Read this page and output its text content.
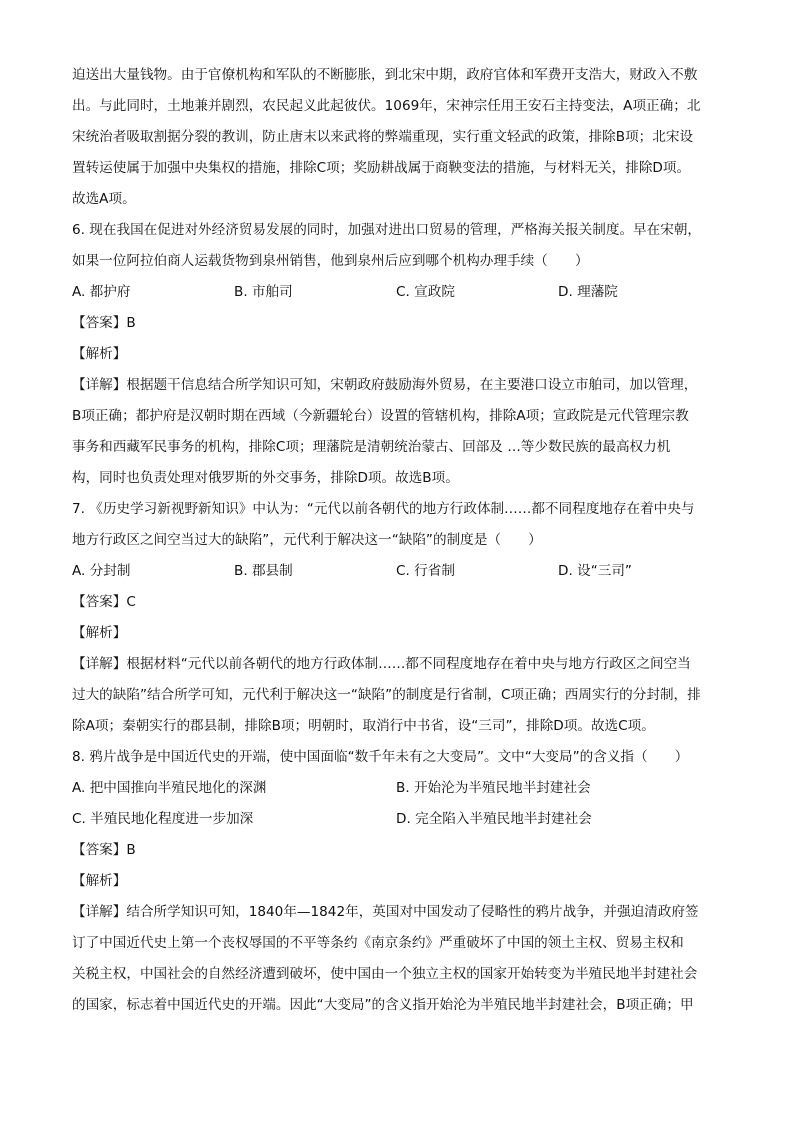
迫送出大量钱物。由于官僚机构和军队的不断膨胀，到北宋中期，政府官体和军费开支浩大，财政入不敷
出。与此同时，土地兼并剧烈，农民起义此起彼伏。1069年，宋神宗任用王安石主持变法，A项正确；北
宋统治者吸取割据分裂的教训，防止唐末以来武将的弊端重现，实行重文轻武的政策，排除B项；北宋设
置转运使属于加强中央集权的措施，排除C项；奖励耕战属于商鞅变法的措施，与材料无关，排除D项。
故选A项。
6. 现在我国在促进对外经济贸易发展的同时，加强对进出口贸易的管理，严格海关报关制度。早在宋朝，
如果一位阿拉伯商人运载货物到泉州销售，他到泉州后应到哪个机构办理手续（　　）
A. 都护府	B. 市舶司	C. 宣政院	D. 理藩院
【答案】B
【解析】
【详解】根据题干信息结合所学知识可知，宋朝政府鼓励海外贸易，在主要港口设立市舶司，加以管理，
B项正确；都护府是汉朝时期在西域（今新疆轮台）设置的管辖机构，排除A项；宣政院是元代管理宗教
事务和西藏军民事务的机构，排除C项；理藩院是清朝统治蒙古、回部及 …等少数民族的最高权力机
构，同时也负责处理对俄罗斯的外交事务，排除D项。故选B项。
7. 《历史学习新视野新知识》中认为：“元代以前各朝代的地方行政体制……都不同程度地存在着中央与
地方行政区之间空当过大的缺陷”，元代利于解决这一“缺陷”的制度是（　　）
A. 分封制	B. 郡县制	C. 行省制	D. 设“三司”
【答案】C
【解析】
【详解】根据材料“元代以前各朝代的地方行政体制……都不同程度地存在着中央与地方行政区之间空当
过大的缺陷”结合所学可知，元代利于解决这一“缺陷”的制度是行省制，C项正确；西周实行的分封制，排
除A项；秦朝实行的郡县制，排除B项；明朝时，取消行中书省，设“三司”，排除D项。故选C项。
8. 鸦片战争是中国近代史的开端，使中国面临“数千年未有之大变局”。文中“大变局”的含义指（　　）
A. 把中国推向半殖民地化的深渊	B. 开始沦为半殖民地半封建社会
C. 半殖民地化程度进一步加深	D. 完全陷入半殖民地半封建社会
【答案】B
【解析】
【详解】结合所学知识可知，1840年—1842年，英国对中国发动了侵略性的鸦片战争，并强迫清政府签
订了中国近代史上第一个丧权辱国的不平等条约《南京条约》严重破坏了中国的领土主权、贸易主权和
关税主权，中国社会的自然经济遭到破坏，使中国由一个独立主权的国家开始转变为半殖民地半封建社会
的国家，标志着中国近代史的开端。因此“大变局”的含义指开始沦为半殖民地半封建社会，B项正确；甲
